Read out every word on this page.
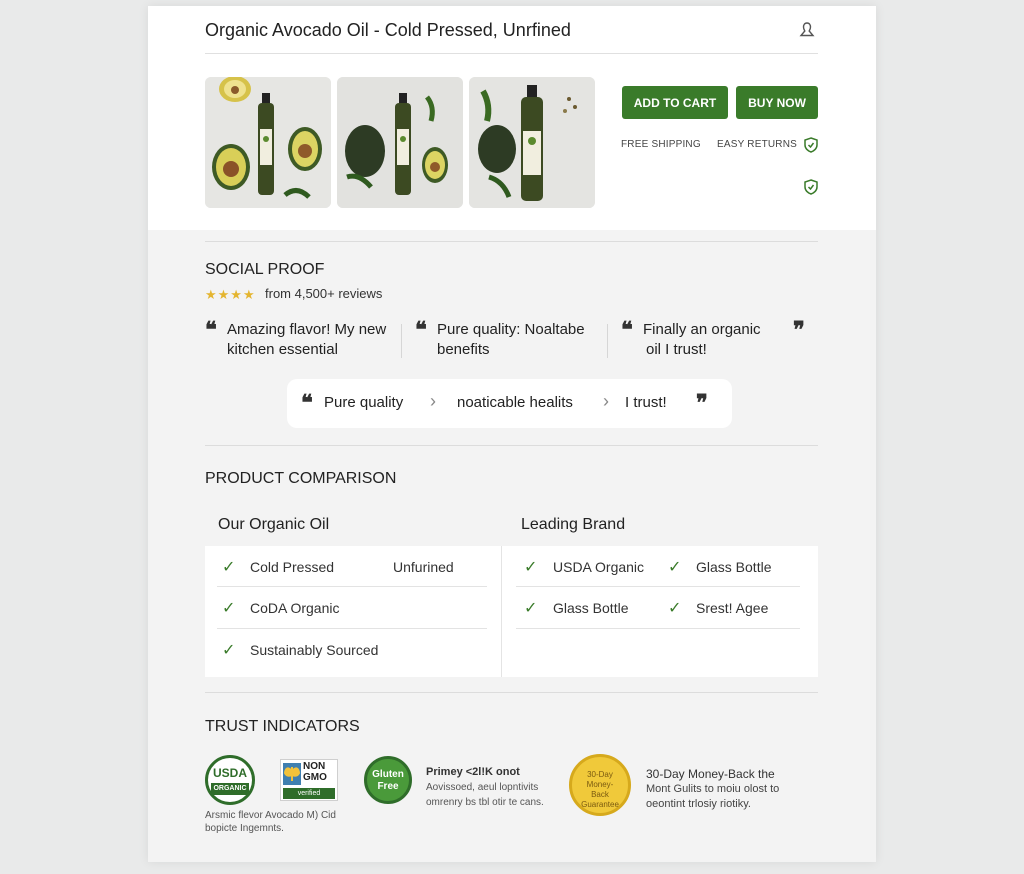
Organic Avocado Oil - Cold Pressed, Unrfined
ADD TO CART	BUY NOW
FREE SHIPPING EASY RETURNS
SOCIAL PROOF
★★★★ from 4,500+ reviews
❝ Amazing flavor! My new
kitchen essential
❝ Pure quality: Noaltabe
benefits
❝ Finally an organic
oil I trust!
❞
❝ Pure quality › noaticable healits › I trust! ❞
PRODUCT COMPARISON
Our Organic Oil	Leading Brand
✓ Cold Pressed	Unfurined
✓ CoDA Organic
✓ Sustainably Sourced
✓ USDA Organic ✓ Glass Bottle
✓ Glass Bottle ✓ Srest! Agee
TRUST INDICATORS
USDA
ORGANIC
NON
GMO
verified
Gluten Free
Arsmic flevor Avocado M) Cid
bopicte Ingemnts.
Primey <2l!K onot
Aovissoed, aeul lopntivits
omrenry bs tbl otir te cans.
30-Day Money-Back Guarantee
30-Day Money-Back the
Mont Gulits to moiu olost to
oeontint trlosiy riotiky.
